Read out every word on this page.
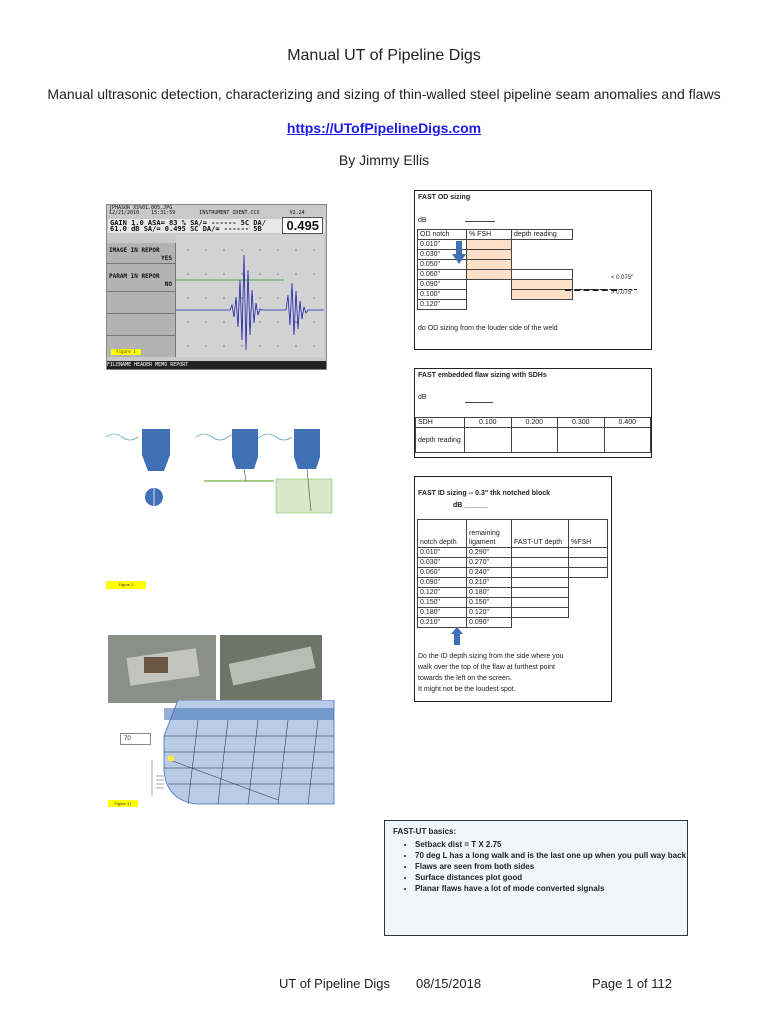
Manual UT of Pipeline Digs
Manual ultrasonic detection, characterizing and sizing of thin-walled steel pipeline seam anomalies and flaws
https://UTofPipelineDigs.com
By Jimmy Ellis
[PHASOR XS%01.005.JPG
12/21/2010    15:31:59        INSTRUMENT IDENT.CCX          V2.24
GAIN 1.0 ASA= 83 % SA/= ------ 5C DA/
61.0 dB SA/= 0.495 SC DA/= ------ 5B	0.495
IMAGE IN REPOR
YES
PARAM IN REPOR
NO
Figure 1
FILENAME HEADER MEMO REPORT
Figure 2
70
Figure 17
FAST OD sizing
dB
OD notch	% FSH	depth reading
0.010"		
0.030"		
0.050"		
0.060"		
0.090"		
0.100"		
0.120"		
< 0.075"
> 0.075"
do OD sizing from the louder side of the weld
FAST embedded flaw sizing with SDHs
dB
SDH	0.100	0.200	0.300	0.400
depth reading				
FAST ID sizing -- 0.3" thk notched block
dB ______
notch depth	remaining ligament	FAST-UT depth	%FSH
0.010"	0.290"		
0.030"	0.270"		
0.060"	0.240"		
0.090"	0.210"		
0.120"	0.180"		
0.150"	0.150"		
0.180"	0.120"		
0.210"	0.090"		
Do the ID depth sizing from the side where you
walk over the top of the flaw at furthest point
towards the left on the screen.
It might not be the loudest spot.
FAST-UT basics:
• Setback dist = T X 2.75
• 70 deg L has a long walk and is the last one up when you pull way back
• Flaws are seen from both sides
• Surface distances plot good
• Planar flaws have a lot of mode converted signals
UT of Pipeline Digs 08/15/2018	Page 1 of 112
